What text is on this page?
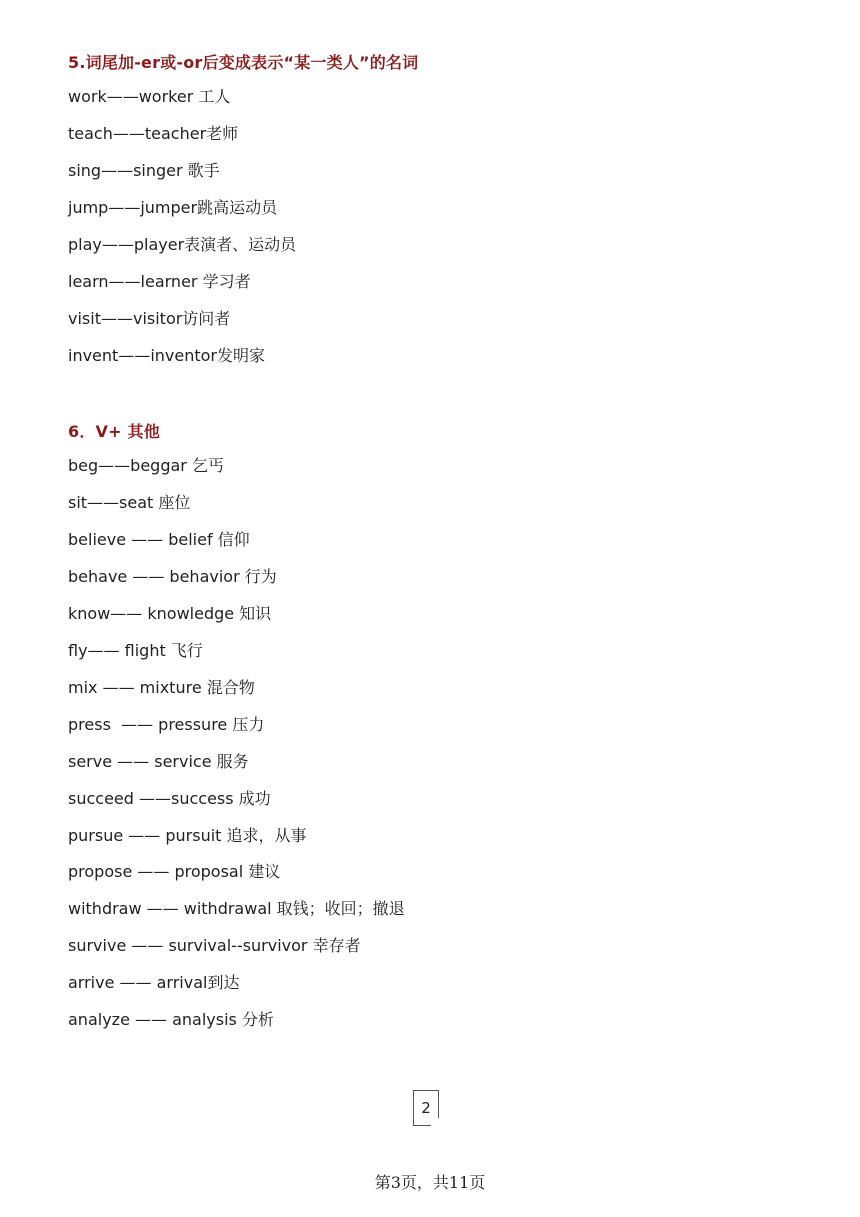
5.词尾加-er或-or后变成表示“某一类人”的名词
work——worker 工人
teach——teacher老师
sing——singer 歌手
jump——jumper跳高运动员
play——player表演者、运动员
learn——learner 学习者
visit——visitor访问者
invent——inventor发明家
6．V+ 其他
beg——beggar 乞丐
sit——seat 座位
believe —— belief 信仰
behave —— behavior 行为
know—— knowledge 知识
fly—— flight 飞行
mix —— mixture 混合物
press  —— pressure 压力
serve —— service 服务
succeed ——success 成功
pursue —— pursuit 追求，从事
propose —— proposal 建议
withdraw —— withdrawal 取钱；收回；撤退
survive —— survival--survivor 幸存者
arrive —— arrival到达
analyze —— analysis 分析
2
第3页，共11页
